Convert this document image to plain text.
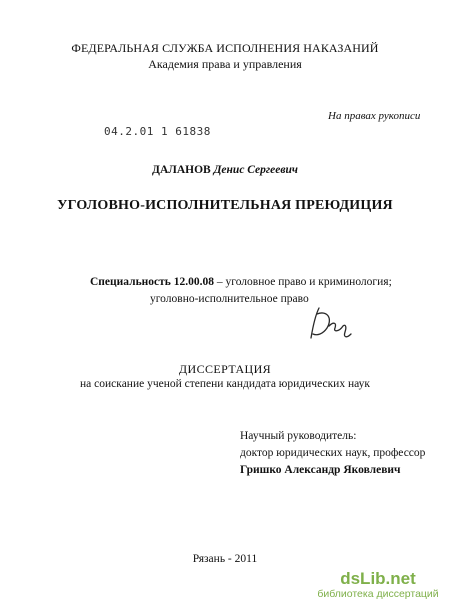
ФЕДЕРАЛЬНАЯ СЛУЖБА ИСПОЛНЕНИЯ НАКАЗАНИЙ
Академия права и управления
На правах рукописи
04.2.01 1 61838
ДАЛАНОВ Денис Сергеевич
УГОЛОВНО-ИСПОЛНИТЕЛЬНАЯ ПРЕЮДИЦИЯ
Специальность 12.00.08 – уголовное право и криминология;
уголовно-исполнительное право
ДИССЕРТАЦИЯ
на соискание ученой степени кандидата юридических наук
Научный руководитель:
доктор юридических наук, профессор
Гришко Александр Яковлевич
Рязань - 2011
dsLib.net
библиотека диссертаций
